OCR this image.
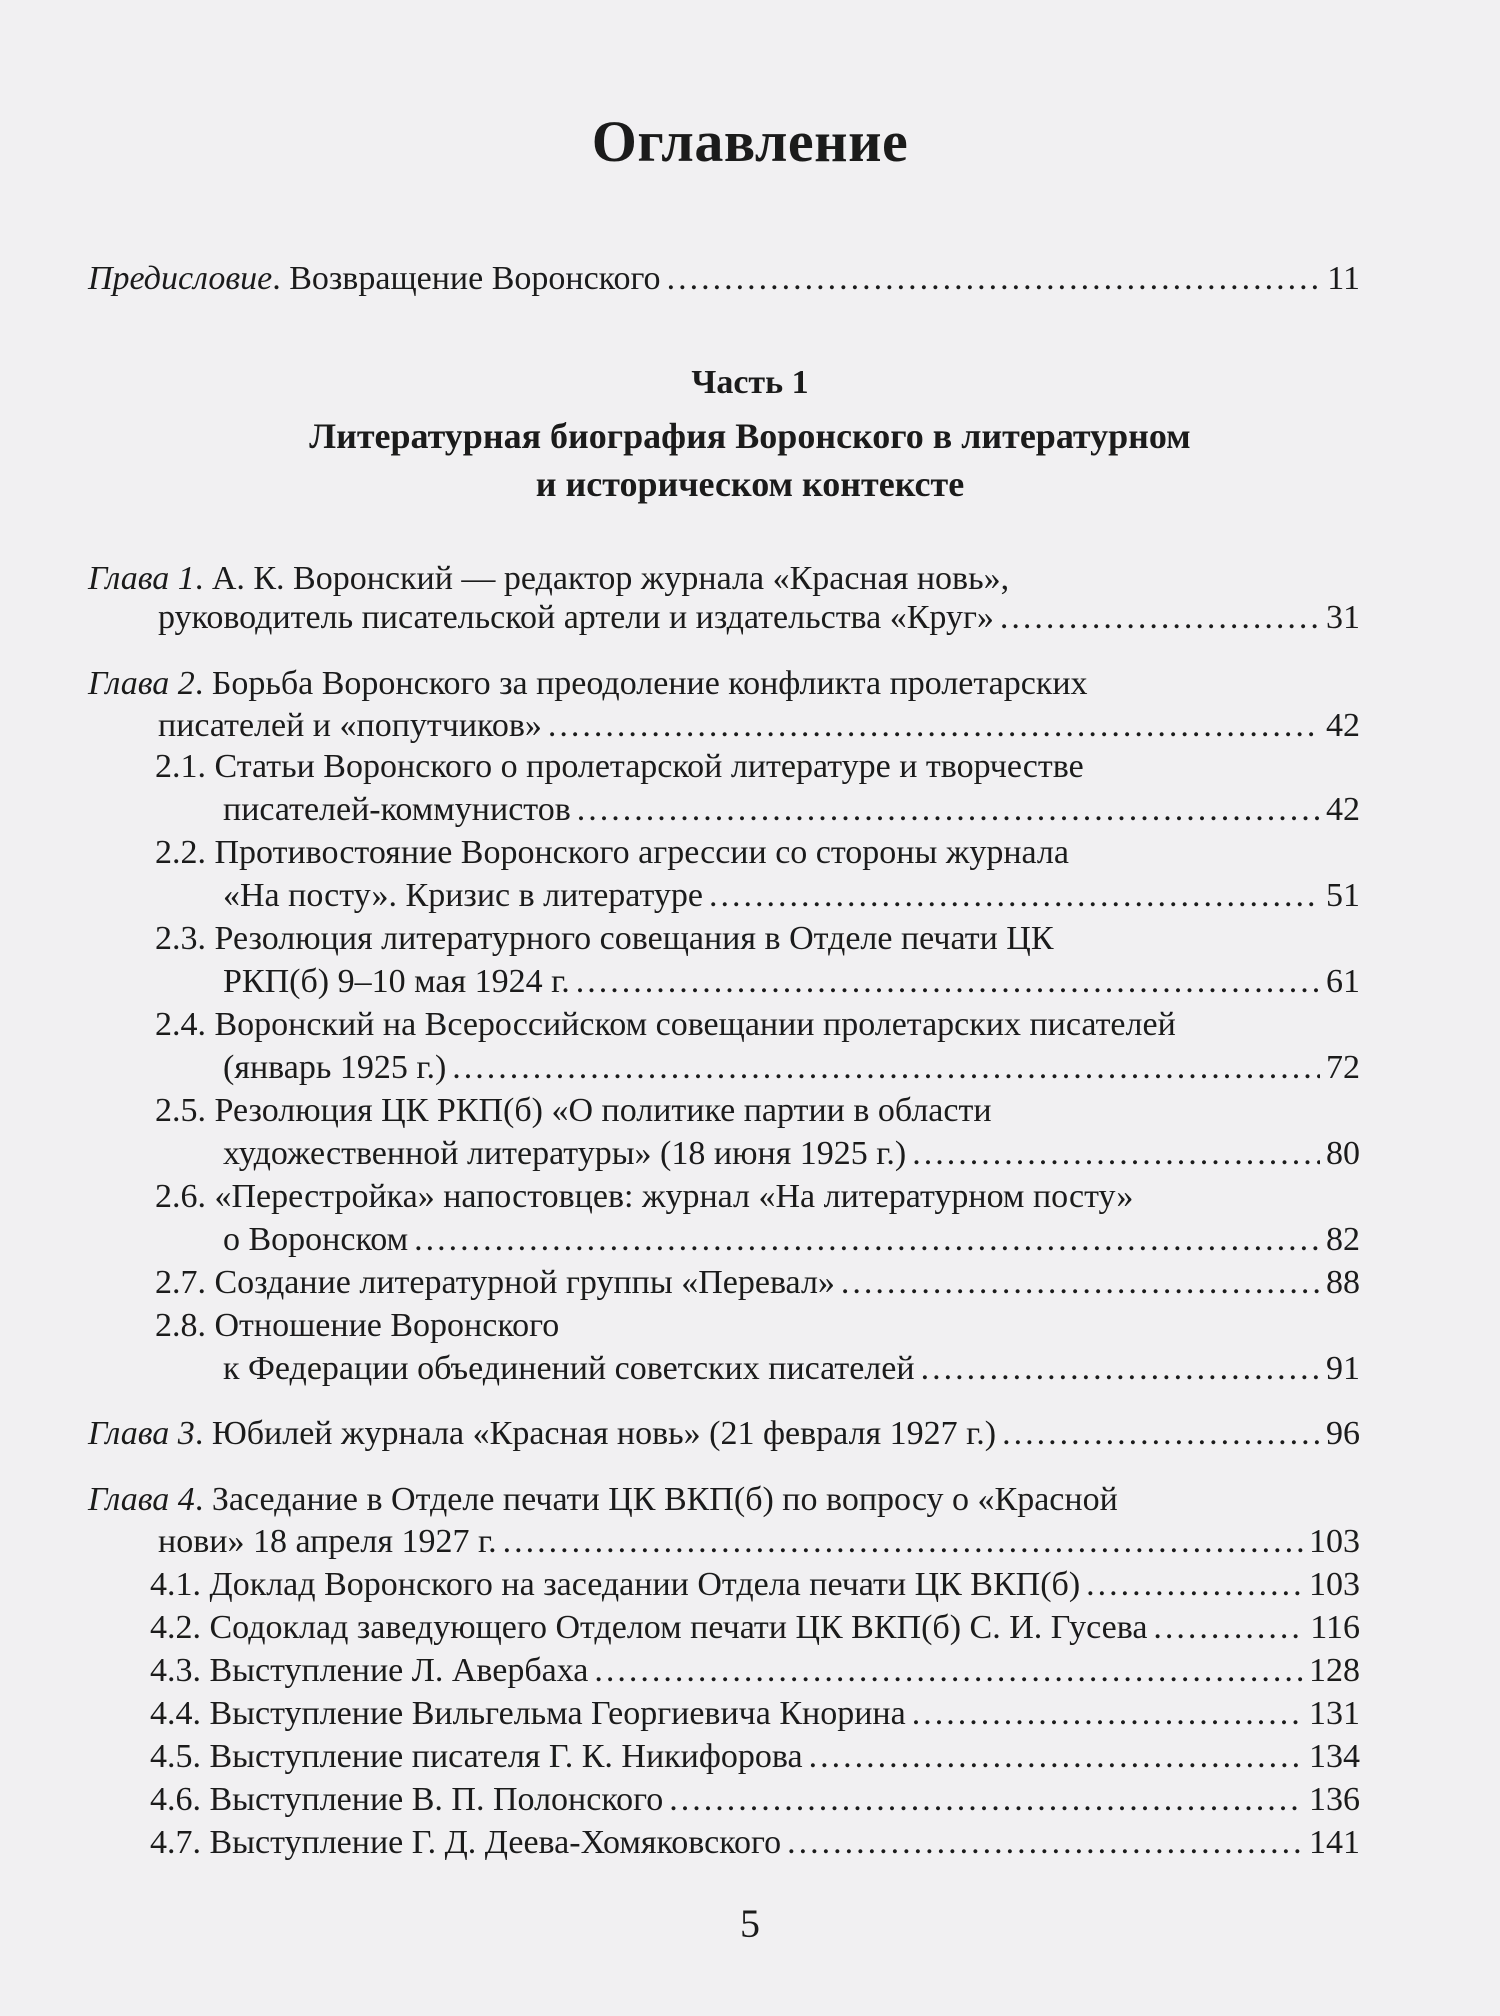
Оглавление
Предисловие. Возвращение Воронского .....	11
Часть 1
Литературная биография Воронского в литературном
и историческом контексте
Глава 1. А. К. Воронский — редактор журнала «Красная новь»,
руководитель писательской артели и издательства «Круг» .....	31
Глава 2. Борьба Воронского за преодоление конфликта пролетарских
писателей и «попутчиков» .....	42
2.1. Статьи Воронского о пролетарской литературе и творчестве
писателей-коммунистов .....	42
2.2. Противостояние Воронского агрессии со стороны журнала
«На посту». Кризис в литературе .....	51
2.3. Резолюция литературного совещания в Отделе печати ЦК
РКП(б) 9–10 мая 1924 г. .....	61
2.4. Воронский на Всероссийском совещании пролетарских писателей
(январь 1925 г.) .....	72
2.5. Резолюция ЦК РКП(б) «О политике партии в области
художественной литературы» (18 июня 1925 г.) .....	80
2.6. «Перестройка» напостовцев: журнал «На литературном посту»
о Воронском .....	82
2.7. Создание литературной группы «Перевал» .....	88
2.8. Отношение Воронского
к Федерации объединений советских писателей .....	91
Глава 3. Юбилей журнала «Красная новь» (21 февраля 1927 г.) .....	96
Глава 4. Заседание в Отделе печати ЦК ВКП(б) по вопросу о «Красной
нови» 18 апреля 1927 г. .....	103
4.1. Доклад Воронского на заседании Отдела печати ЦК ВКП(б) .....	103
4.2. Содоклад заведующего Отделом печати ЦК ВКП(б) С. И. Гусева .....	116
4.3. Выступление Л. Авербаха .....	128
4.4. Выступление Вильгельма Георгиевича Кнорина .....	131
4.5. Выступление писателя Г. К. Никифорова .....	134
4.6. Выступление В. П. Полонского .....	136
4.7. Выступление Г. Д. Деева-Хомяковского .....	141
5
